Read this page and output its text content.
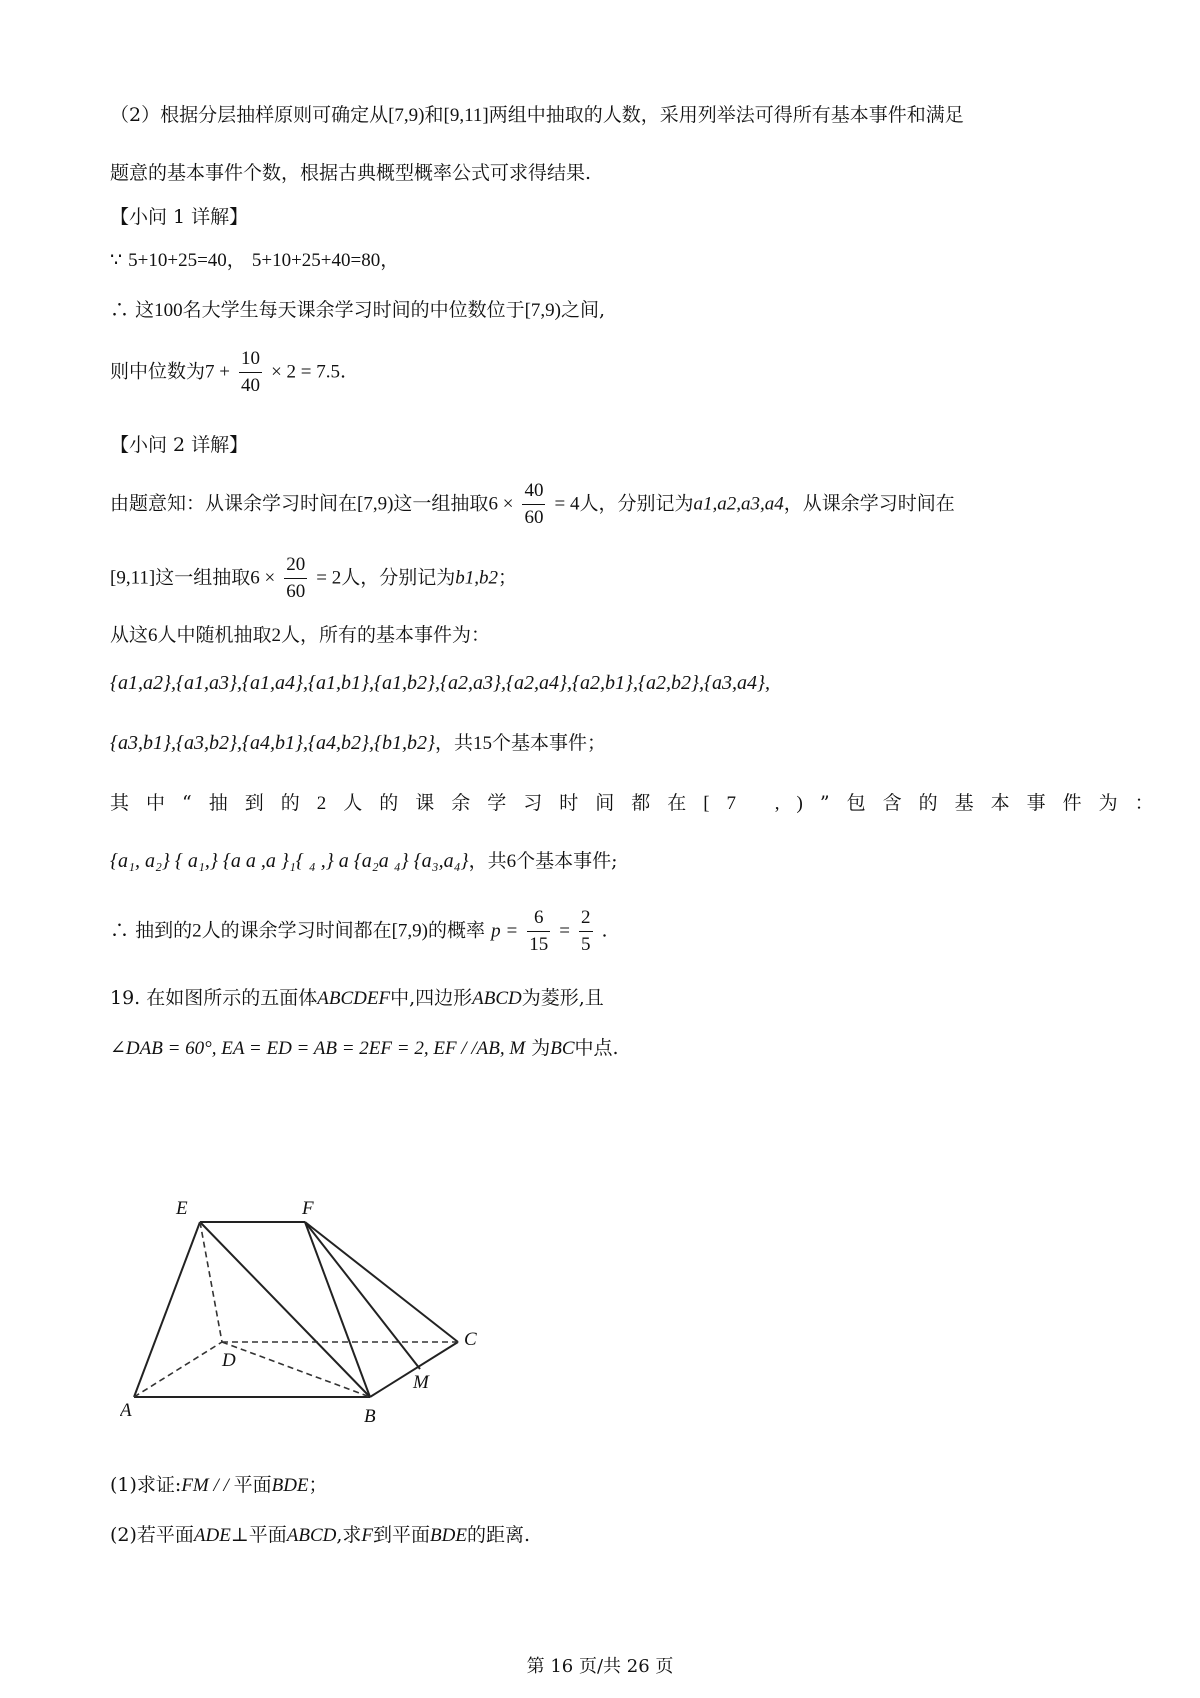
（2）根据分层抽样原则可确定从[7,9)和[9,11]两组中抽取的人数，采用列举法可得所有基本事件和满足
题意的基本事件个数，根据古典概型概率公式可求得结果.
【小问 1 详解】
∵ 5+10+25=40， 5+10+25+40=80，
∴ 这100名大学生每天课余学习时间的中位数位于[7,9)之间,
则中位数为$7 + \frac{10}{40} \times 2 = 7.5$.
【小问 2 详解】
由题意知：从课余学习时间在[7,9)这一组抽取$6 \times \frac{40}{60} = 4$人，分别记为a1,a2,a3,a4，从课余学习时间在
[9,11]这一组抽取$6 \times \frac{20}{60} = 2$人，分别记为b1,b2；
从这6人中随机抽取2人，所有的基本事件为：
{a1,a2},{a1,a3},{a1,a4},{a1,b1},{a1,b2},{a2,a3},{a2,a4},{a2,b1},{a2,b2},{a3,a4},
{a3,b1},{a3,b2},{a4,b1},{a4,b2},{b1,b2}，共15个基本事件；
其中“抽到的2人的课余学习时间都在[7 ,)”包含的基本事件为：
{a₁, a₂} { a₁,} {a a ,a }₁{ ₄ ,} a {a₂a ₄} {a₃,a₄}，共6个基本事件;
∴ 抽到的2人的课余学习时间都在[7,9)的概率 $p = \frac{6}{15} = \frac{2}{5}$ .
19. 在如图所示的五面体ABCDEF中,四边形ABCD为菱形,且
∠DAB = 60°, EA = ED = AB = 2EF = 2, EF / /AB, M 为BC中点.
E	F
A	B
C
D
M
(1)求证:FM / / 平面BDE；
(2)若平面ADE⊥平面ABCD,求F到平面BDE的距离.
第 16 页/共 26 页
